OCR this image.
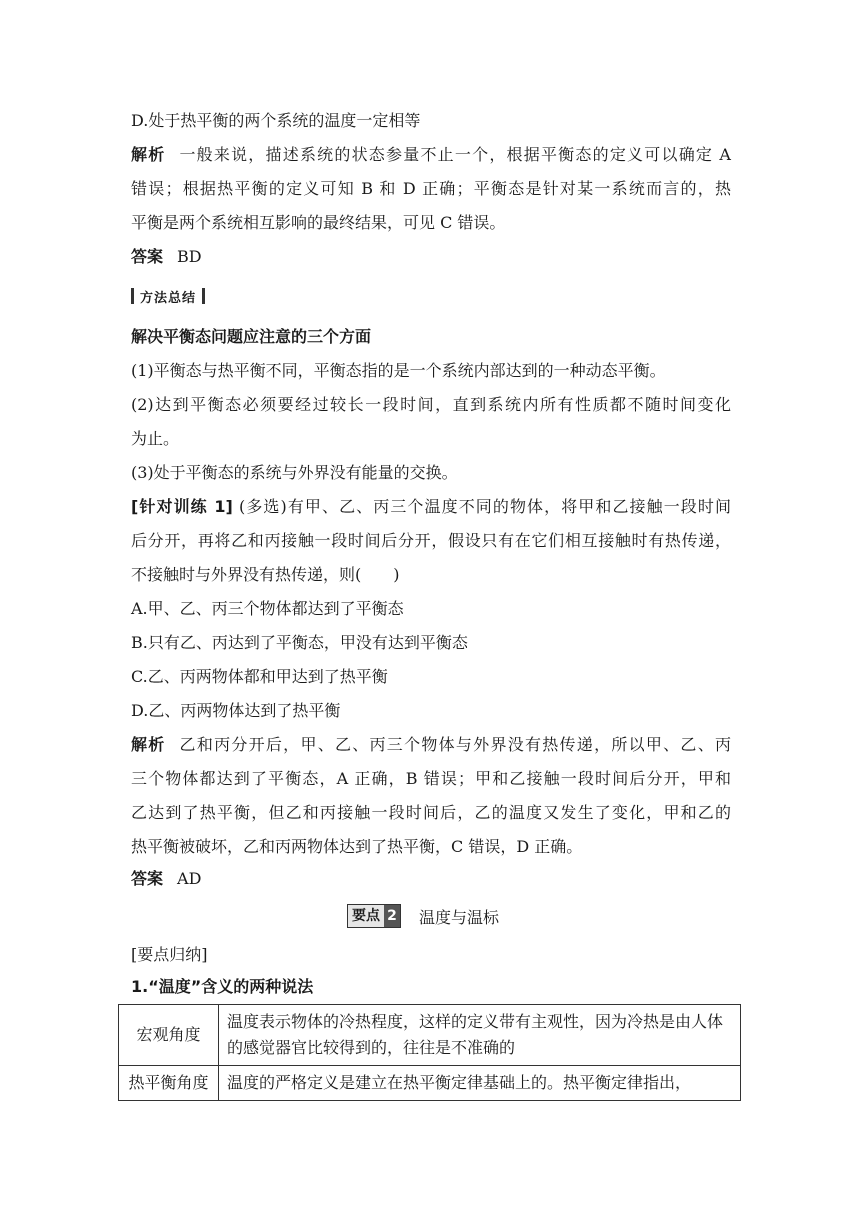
D.处于热平衡的两个系统的温度一定相等
解析 一般来说，描述系统的状态参量不止一个，根据平衡态的定义可以确定 A
错误；根据热平衡的定义可知 B 和 D 正确；平衡态是针对某一系统而言的，热
平衡是两个系统相互影响的最终结果，可见 C 错误。
答案 BD
方法总结
解决平衡态问题应注意的三个方面
(1)平衡态与热平衡不同，平衡态指的是一个系统内部达到的一种动态平衡。
(2)达到平衡态必须要经过较长一段时间，直到系统内所有性质都不随时间变化
为止。
(3)处于平衡态的系统与外界没有能量的交换。
[针对训练 1] (多选)有甲、乙、丙三个温度不同的物体，将甲和乙接触一段时间
后分开，再将乙和丙接触一段时间后分开，假设只有在它们相互接触时有热传递，
不接触时与外界没有热传递，则(　　)
A.甲、乙、丙三个物体都达到了平衡态
B.只有乙、丙达到了平衡态，甲没有达到平衡态
C.乙、丙两物体都和甲达到了热平衡
D.乙、丙两物体达到了热平衡
解析 乙和丙分开后，甲、乙、丙三个物体与外界没有热传递，所以甲、乙、丙
三个物体都达到了平衡态，A 正确，B 错误；甲和乙接触一段时间后分开，甲和
乙达到了热平衡，但乙和丙接触一段时间后，乙的温度又发生了变化，甲和乙的
热平衡被破坏，乙和丙两物体达到了热平衡，C 错误，D 正确。
答案 AD
要点 2 温度与温标
[要点归纳]
1.“温度”含义的两种说法
宏观角度	温度表示物体的冷热程度，这样的定义带有主观性，因为冷热是由人体的感觉器官比较得到的，往往是不准确的
热平衡角度	温度的严格定义是建立在热平衡定律基础上的。热平衡定律指出，
